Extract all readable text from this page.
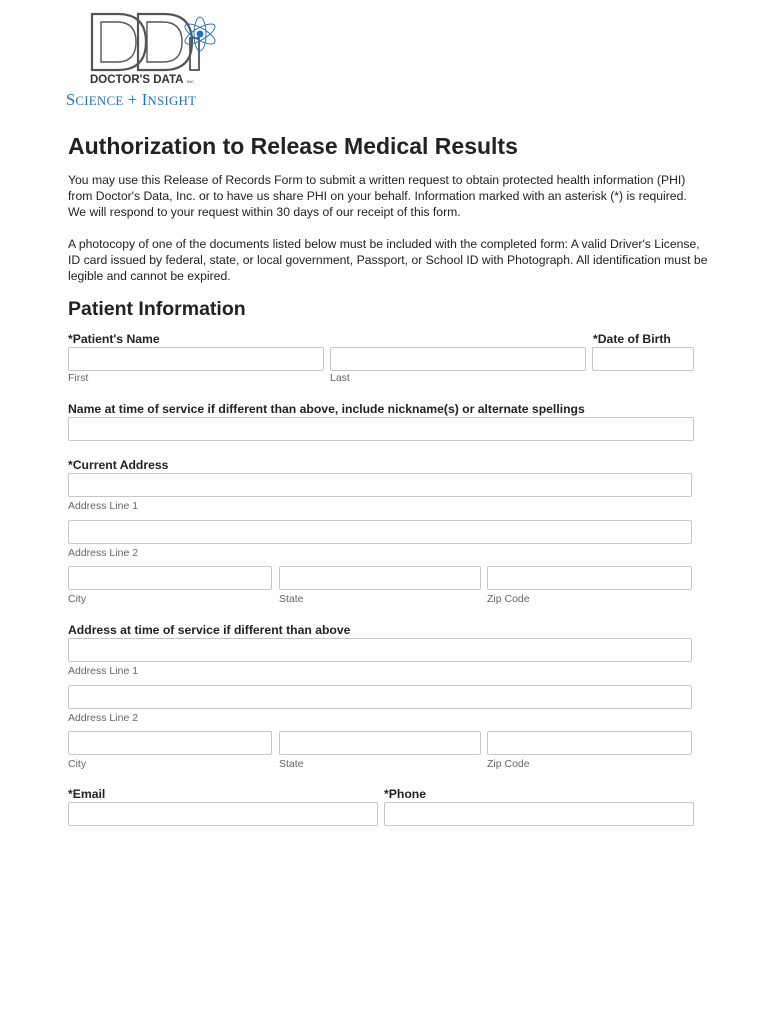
DOCTOR'S DATA INC.
SCIENCE + INSIGHT
Authorization to Release Medical Results

You may use this Release of Records Form to submit a written request to obtain protected health information (PHI) from Doctor's Data, Inc. or to have us share PHI on your behalf. Information marked with an asterisk (*) is required. We will respond to your request within 30 days of our receipt of this form.

A photocopy of one of the documents listed below must be included with the completed form: A valid Driver's License, ID card issued by federal, state, or local government, Passport, or School ID with Photograph. All identification must be legible and cannot be expired.

Patient Information
*Patient's Name	*Date of Birth
First	Last
Name at time of service if different than above, include nickname(s) or alternate spellings
*Current Address
Address Line 1
Address Line 2
City	State	Zip Code
Address at time of service if different than above
Address Line 1
Address Line 2
City	State	Zip Code
*Email	*Phone
